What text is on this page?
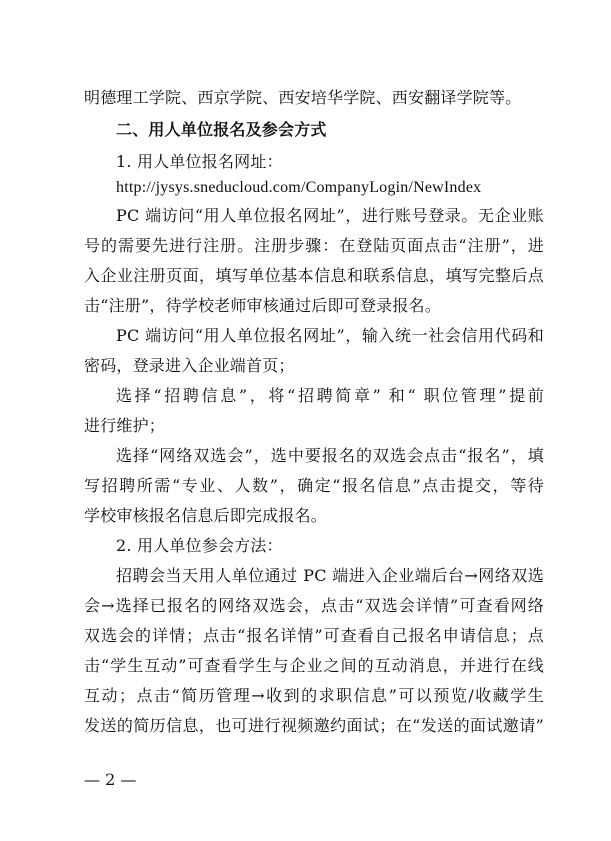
明德理工学院、西京学院、西安培华学院、西安翻译学院等。
二、用人单位报名及参会方式
1. 用人单位报名网址：
http://jysys.sneducloud.com/CompanyLogin/NewIndex
PC 端访问“用人单位报名网址”，进行账号登录。无企业账
号的需要先进行注册。注册步骤：在登陆页面点击“注册”，进
入企业注册页面，填写单位基本信息和联系信息，填写完整后点
击“注册”，待学校老师审核通过后即可登录报名。
PC 端访问“用人单位报名网址”，输入统一社会信用代码和
密码，登录进入企业端首页；
选择“招聘信息”，将“招聘简章” 和“ 职位管理”提前
进行维护；
选择“网络双选会”，选中要报名的双选会点击“报名”，填
写招聘所需“专业、人数”，确定“报名信息”点击提交，等待
学校审核报名信息后即完成报名。
2. 用人单位参会方法：
招聘会当天用人单位通过 PC 端进入企业端后台→网络双选
会→选择已报名的网络双选会，点击“双选会详情”可查看网络
双选会的详情；点击“报名详情”可查看自己报名申请信息；点
击“学生互动”可查看学生与企业之间的互动消息，并进行在线
互动；点击“简历管理→收到的求职信息”可以预览/收藏学生
发送的简历信息，也可进行视频邀约面试；在“发送的面试邀请”
— 2 —
